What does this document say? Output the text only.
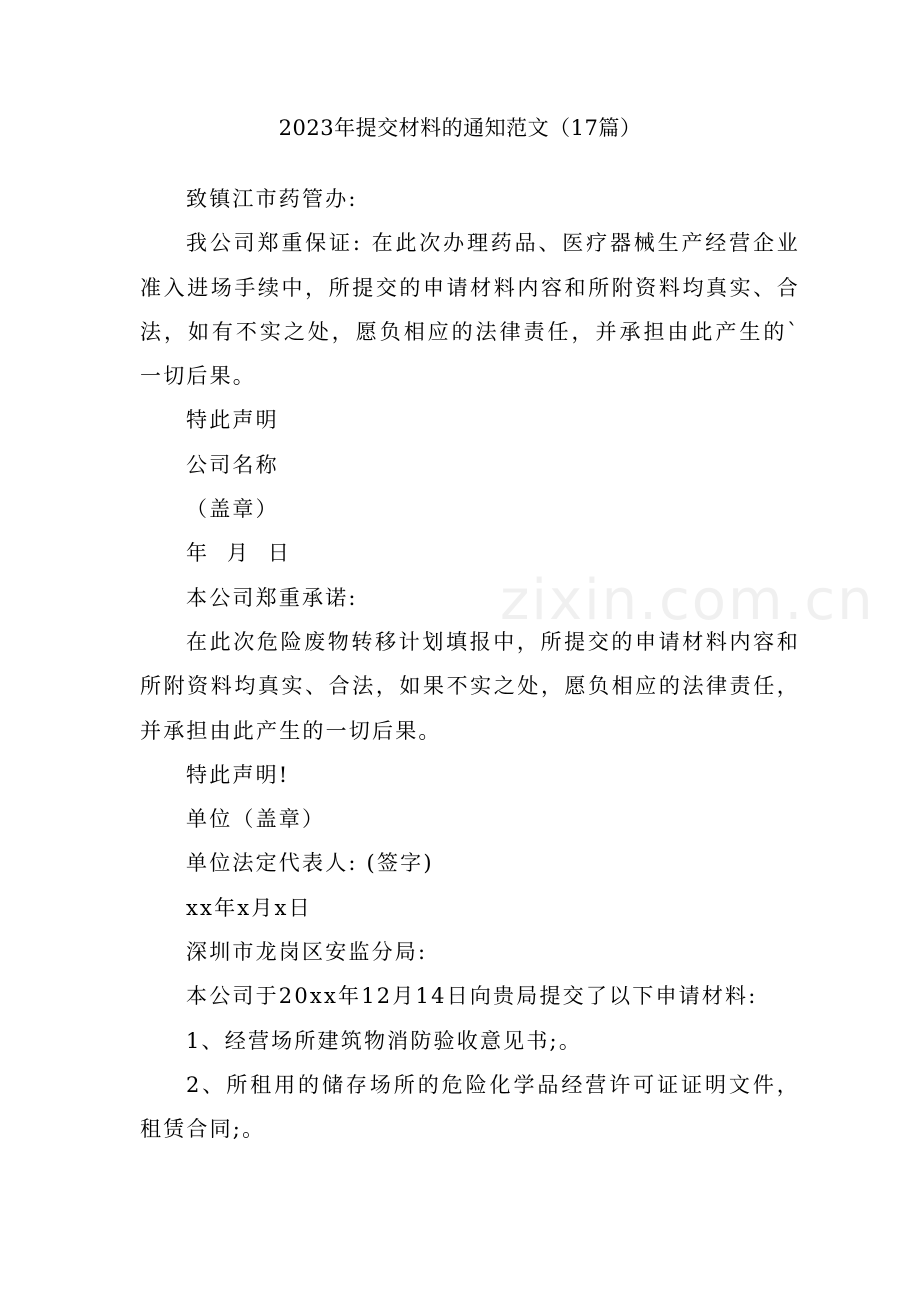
zixin.com.cn
2023年提交材料的通知范文（17篇）

致镇江市药管办:

我公司郑重保证: 在此次办理药品、医疗器械生产经营企业准入进场手续中，所提交的申请材料内容和所附资料均真实、合法，如有不实之处，愿负相应的法律责任，并承担由此产生的`一切后果。

特此声明

公司名称

（盖章）

年  月  日

本公司郑重承诺:

在此次危险废物转移计划填报中，所提交的申请材料内容和所附资料均真实、合法，如果不实之处，愿负相应的法律责任，并承担由此产生的一切后果。

特此声明!

单位（盖章）

单位法定代表人: (签字)

xx年x月x日

深圳市龙岗区安监分局:

本公司于20xx年12月14日向贵局提交了以下申请材料:

1、经营场所建筑物消防验收意见书;。

2、所租用的储存场所的危险化学品经营许可证证明文件，租赁合同;。
